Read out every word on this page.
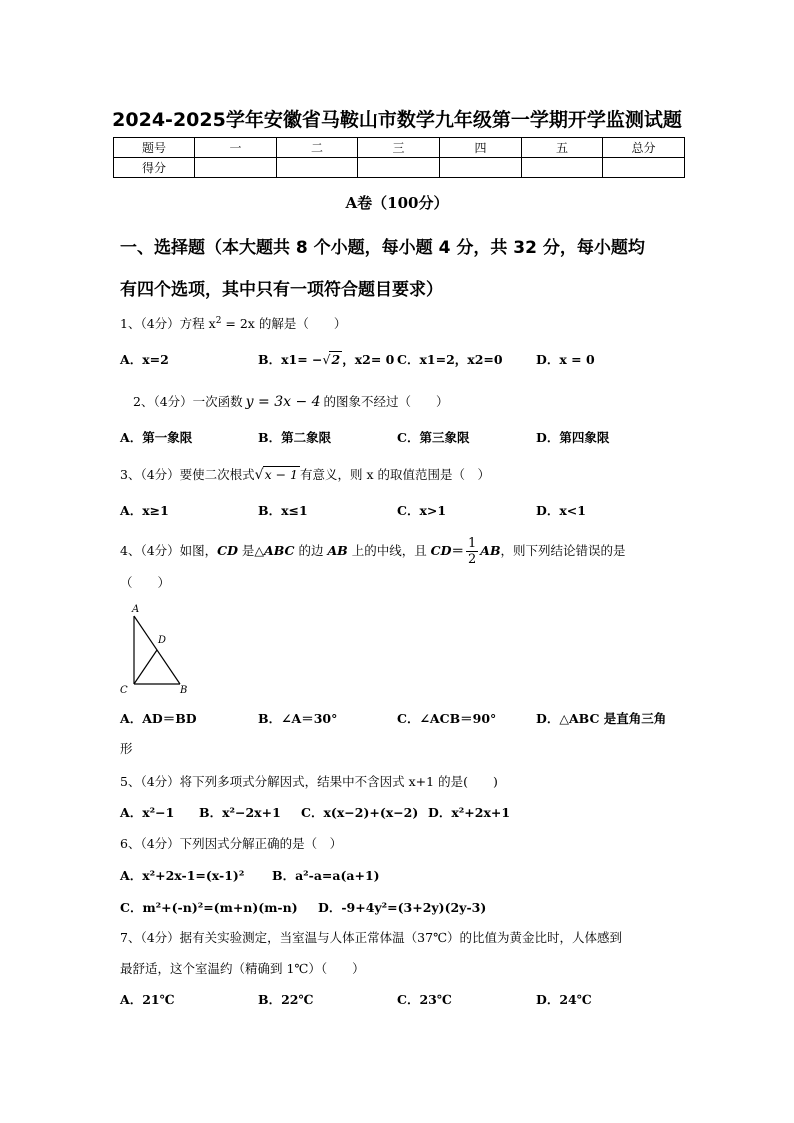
2024-2025学年安徽省马鞍山市数学九年级第一学期开学监测试题
题号	一	二	三	四	五	总分
得分						
A卷（100分）
一、选择题（本大题共 8 个小题，每小题 4 分，共 32 分，每小题均
有四个选项，其中只有一项符合题目要求）
1、（4分）方程 $x^2 = 2x$ 的解是（　　）
A．x=2	B．x1= −√2 ，x2= 0 C．x1=2，x2=0	D．x = 0
2、（4分）一次函数 y = 3x − 4 的图象不经过（　　）
A．第一象限	B．第二象限	C．第三象限	D．第四象限
3、（4分）要使二次根式√x − 1 有意义，则 x 的取值范围是（　）
A．x≥1	B．x≤1	C．x>1	D．x<1
4、（4分）如图，CD 是△ABC 的边 AB 上的中线，且 $CD= \frac{1}{2}$ AB，则下列结论错误的是
（　　）
A
D
C	B
A．AD＝BD	B．∠A＝30°	C．∠ACB＝90°	D．△ABC 是直角三角
形
5、（4分）将下列多项式分解因式，结果中不含因式 x+1 的是(　　)
A．x²−1 B．x²−2x+1 C．x(x−2)+(x−2) D．x²+2x+1
6、（4分）下列因式分解正确的是（　）
A．x²+2x-1=(x-1)² B．a²-a=a(a+1)
C．m²+(-n)²=(m+n)(m-n) D．-9+4y²=(3+2y)(2y-3)
7、（4分）据有关实验测定，当室温与人体正常体温（37℃）的比值为黄金比时，人体感到
最舒适，这个室温约（精确到 1℃）（　　）
A．21℃	B．22℃	C．23℃	D．24℃
